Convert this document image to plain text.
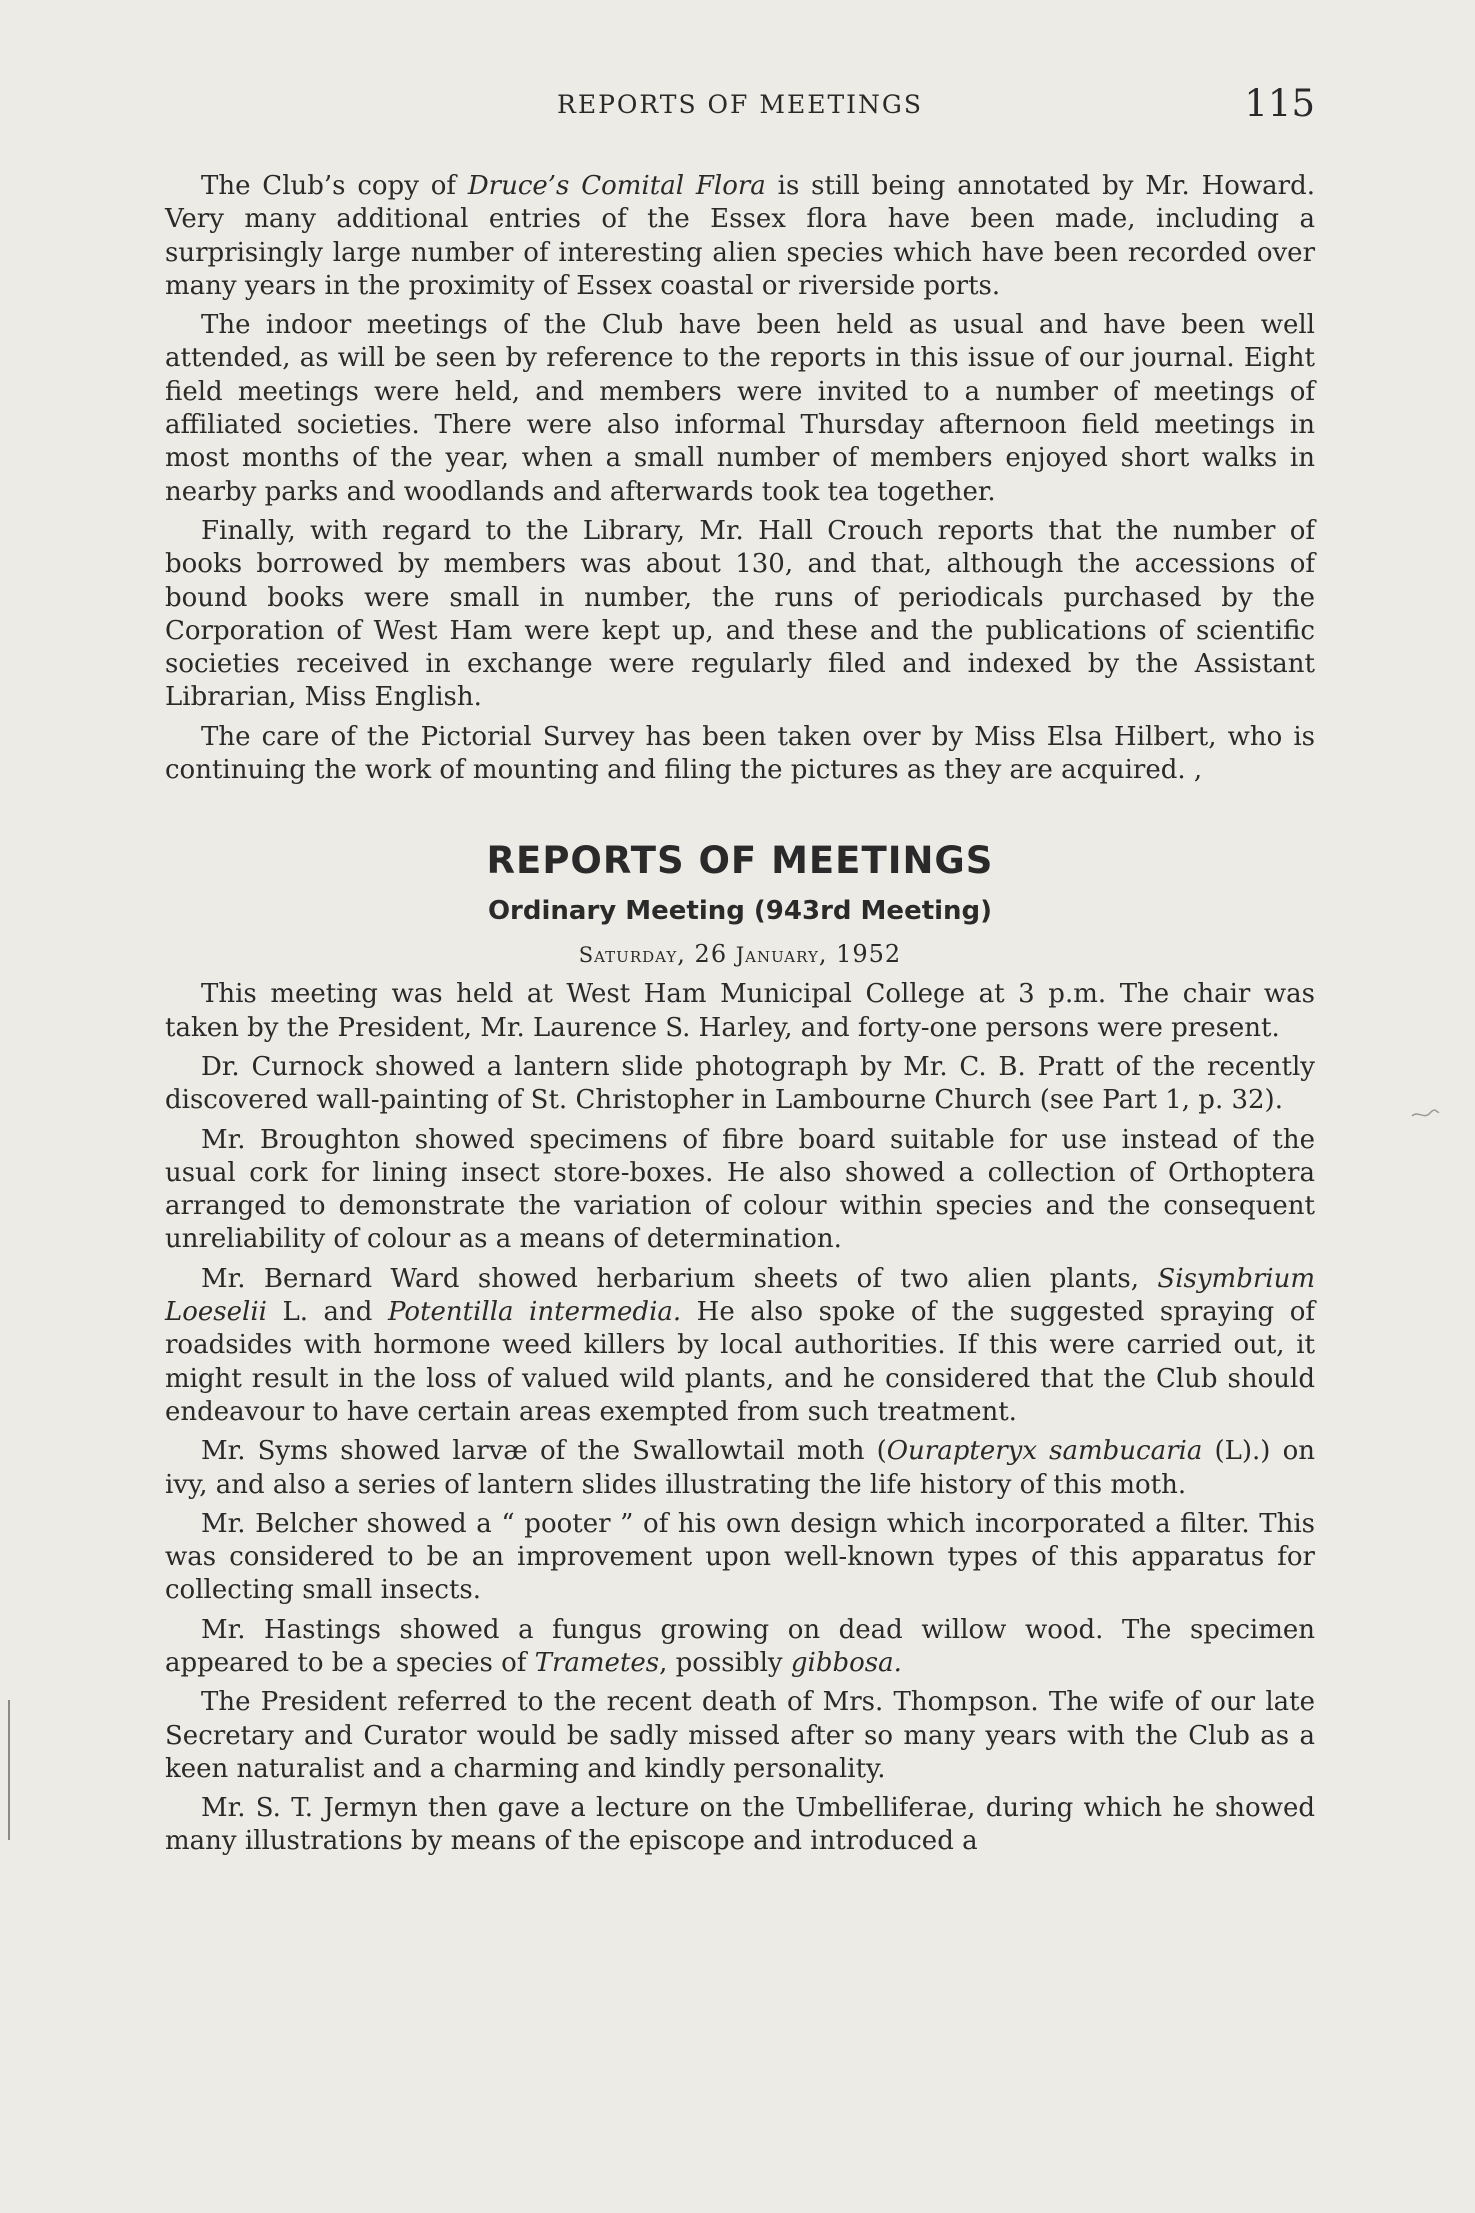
REPORTS OF MEETINGS	115

The Club’s copy of Druce’s Comital Flora is still being annotated by Mr. Howard. Very many additional entries of the Essex flora have been made, including a surprisingly large number of interesting alien species which have been recorded over many years in the proximity of Essex coastal or riverside ports.

The indoor meetings of the Club have been held as usual and have been well attended, as will be seen by reference to the reports in this issue of our journal. Eight field meetings were held, and members were invited to a number of meetings of affiliated societies. There were also informal Thursday afternoon field meetings in most months of the year, when a small number of members enjoyed short walks in nearby parks and woodlands and afterwards took tea together.

Finally, with regard to the Library, Mr. Hall Crouch reports that the number of books borrowed by members was about 130, and that, although the accessions of bound books were small in number, the runs of periodicals purchased by the Corporation of West Ham were kept up, and these and the publications of scientific societies received in exchange were regularly filed and indexed by the Assistant Librarian, Miss English.

The care of the Pictorial Survey has been taken over by Miss Elsa Hilbert, who is continuing the work of mounting and filing the pictures as they are acquired. ,

REPORTS OF MEETINGS
Ordinary Meeting (943rd Meeting)
Saturday, 26 January, 1952

This meeting was held at West Ham Municipal College at 3 p.m. The chair was taken by the President, Mr. Laurence S. Harley, and forty-one persons were present.

Dr. Curnock showed a lantern slide photograph by Mr. C. B. Pratt of the recently discovered wall-painting of St. Christopher in Lambourne Church (see Part 1, p. 32).

Mr. Broughton showed specimens of fibre board suitable for use instead of the usual cork for lining insect store-boxes. He also showed a collection of Orthoptera arranged to demonstrate the variation of colour within species and the consequent unreliability of colour as a means of determination.

Mr. Bernard Ward showed herbarium sheets of two alien plants, Sisymbrium Loeselii L. and Potentilla intermedia. He also spoke of the suggested spraying of roadsides with hormone weed killers by local authorities. If this were carried out, it might result in the loss of valued wild plants, and he considered that the Club should endeavour to have certain areas exempted from such treatment.

Mr. Syms showed larvæ of the Swallowtail moth (Ourapteryx sambucaria (L).) on ivy, and also a series of lantern slides illustrating the life history of this moth.

Mr. Belcher showed a “ pooter ” of his own design which incorporated a filter. This was considered to be an improvement upon well-known types of this apparatus for collecting small insects.

Mr. Hastings showed a fungus growing on dead willow wood. The specimen appeared to be a species of Trametes, possibly gibbosa.

The President referred to the recent death of Mrs. Thompson. The wife of our late Secretary and Curator would be sadly missed after so many years with the Club as a keen naturalist and a charming and kindly personality.

Mr. S. T. Jermyn then gave a lecture on the Umbelliferae, during which he showed many illustrations by means of the episcope and introduced a
